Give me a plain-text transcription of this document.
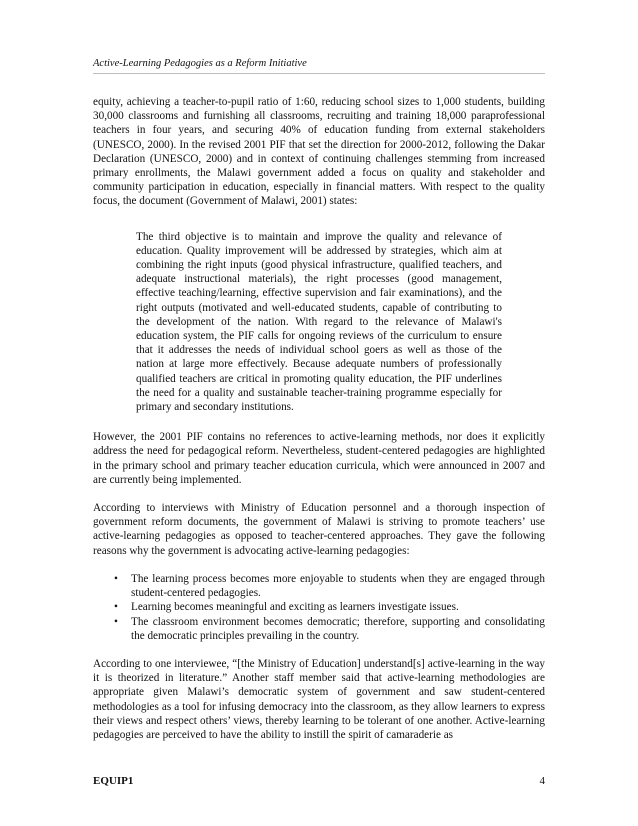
Active-Learning Pedagogies as a Reform Initiative

equity, achieving a teacher-to-pupil ratio of 1:60, reducing school sizes to 1,000 students, building 30,000 classrooms and furnishing all classrooms, recruiting and training 18,000 paraprofessional teachers in four years, and securing 40% of education funding from external stakeholders (UNESCO, 2000). In the revised 2001 PIF that set the direction for 2000-2012, following the Dakar Declaration (UNESCO, 2000) and in context of continuing challenges stemming from increased primary enrollments, the Malawi government added a focus on quality and stakeholder and community participation in education, especially in financial matters. With respect to the quality focus, the document (Government of Malawi, 2001) states:

The third objective is to maintain and improve the quality and relevance of education. Quality improvement will be addressed by strategies, which aim at combining the right inputs (good physical infrastructure, qualified teachers, and adequate instructional materials), the right processes (good management, effective teaching/learning, effective supervision and fair examinations), and the right outputs (motivated and well-educated students, capable of contributing to the development of the nation. With regard to the relevance of Malawi's education system, the PIF calls for ongoing reviews of the curriculum to ensure that it addresses the needs of individual school goers as well as those of the nation at large more effectively. Because adequate numbers of professionally qualified teachers are critical in promoting quality education, the PIF underlines the need for a quality and sustainable teacher-training programme especially for primary and secondary institutions.

However, the 2001 PIF contains no references to active-learning methods, nor does it explicitly address the need for pedagogical reform. Nevertheless, student-centered pedagogies are highlighted in the primary school and primary teacher education curricula, which were announced in 2007 and are currently being implemented.

According to interviews with Ministry of Education personnel and a thorough inspection of government reform documents, the government of Malawi is striving to promote teachers’ use active-learning pedagogies as opposed to teacher-centered approaches. They gave the following reasons why the government is advocating active-learning pedagogies:

• The learning process becomes more enjoyable to students when they are engaged through student-centered pedagogies.
• Learning becomes meaningful and exciting as learners investigate issues.
• The classroom environment becomes democratic; therefore, supporting and consolidating the democratic principles prevailing in the country.

According to one interviewee, “[the Ministry of Education] understand[s] active-learning in the way it is theorized in literature.” Another staff member said that active-learning methodologies are appropriate given Malawi’s democratic system of government and saw student-centered methodologies as a tool for infusing democracy into the classroom, as they allow learners to express their views and respect others’ views, thereby learning to be tolerant of one another. Active-learning pedagogies are perceived to have the ability to instill the spirit of camaraderie as

EQUIP1	4
